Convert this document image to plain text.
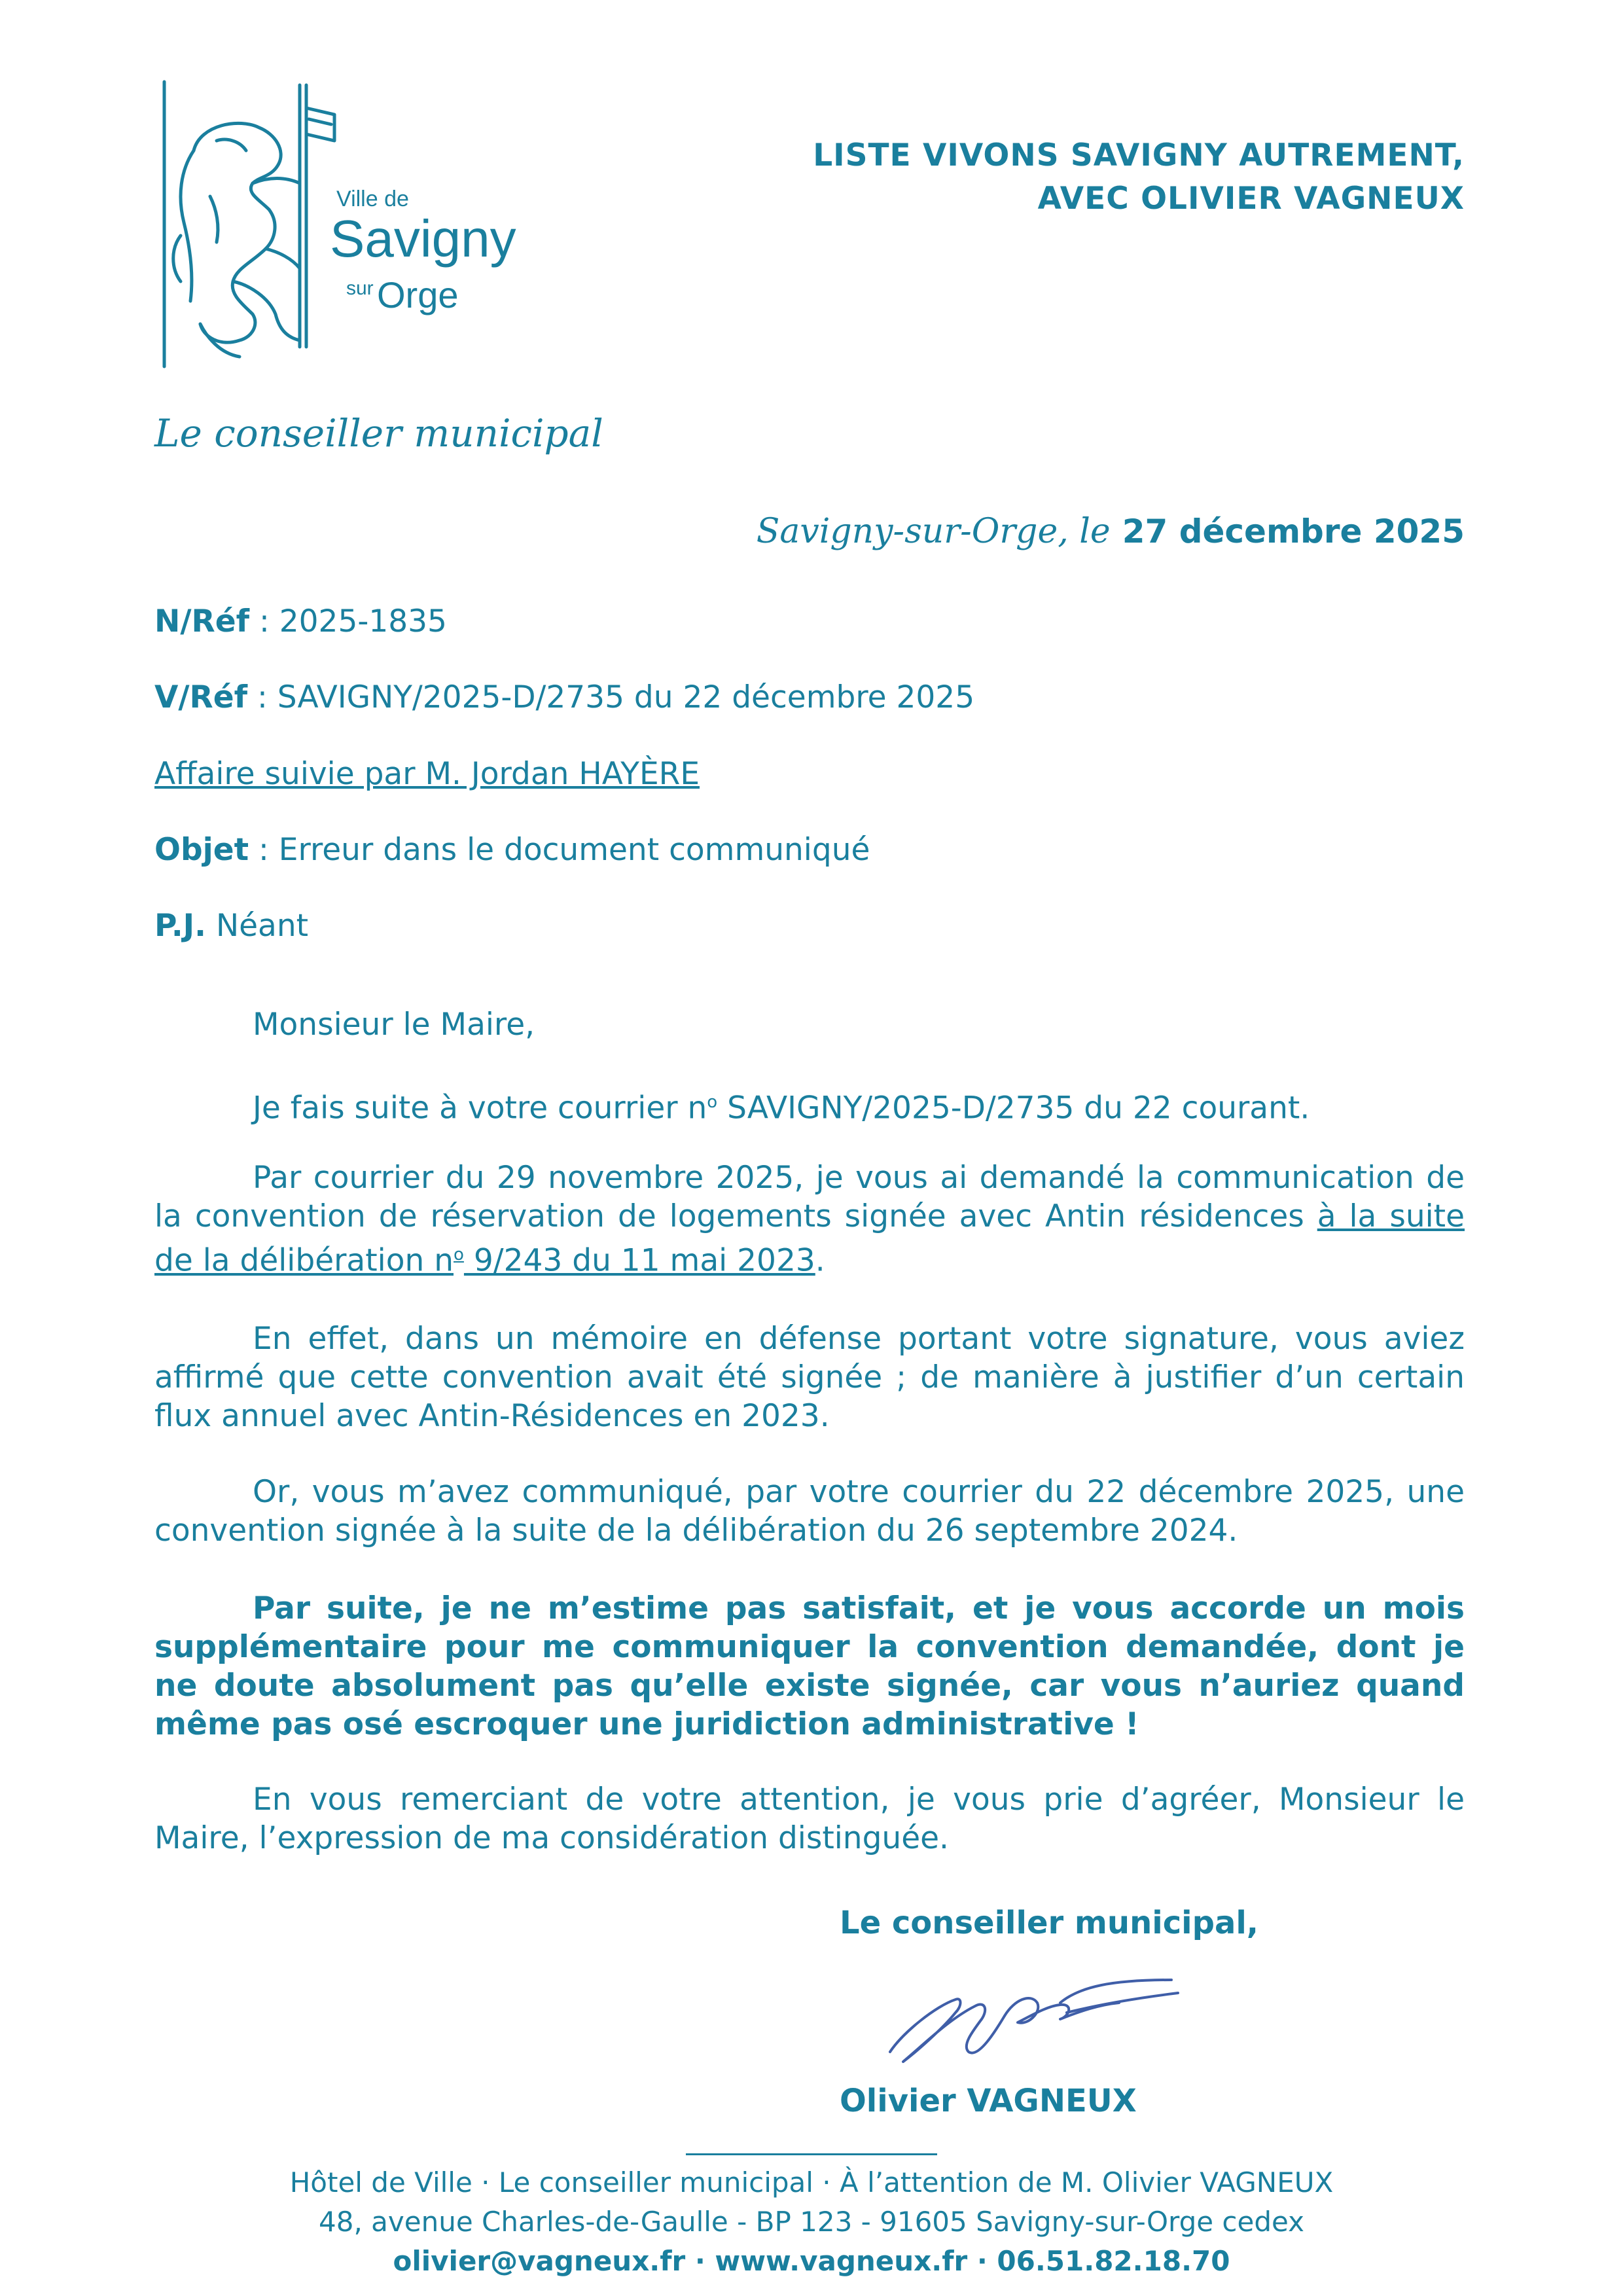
Ville de
Savigny
sur Orge
LISTE VIVONS SAVIGNY AUTREMENT,
AVEC OLIVIER VAGNEUX
Le conseiller municipal
Savigny-sur-Orge, le 27 décembre 2025
N/Réf : 2025-1835
V/Réf : SAVIGNY/2025-D/2735 du 22 décembre 2025
Affaire suivie par M. Jordan HAYÈRE
Objet : Erreur dans le document communiqué
P.J. Néant

Monsieur le Maire,

Je fais suite à votre courrier $n^o$ SAVIGNY/2025-D/2735 du 22 courant.

Par courrier du 29 novembre 2025, je vous ai demandé la communication de la convention de réservation de logements signée avec Antin résidences à la suite de la délibération $n^o$ 9/243 du 11 mai 2023.

En effet, dans un mémoire en défense portant votre signature, vous aviez affirmé que cette convention avait été signée ; de manière à justifier d’un certain flux annuel avec Antin-Résidences en 2023.

Or, vous m’avez communiqué, par votre courrier du 22 décembre 2025, une convention signée à la suite de la délibération du 26 septembre 2024.

Par suite, je ne m’estime pas satisfait, et je vous accorde un mois supplémentaire pour me communiquer la convention demandée, dont je ne doute absolument pas qu’elle existe signée, car vous n’auriez quand même pas osé escroquer une juridiction administrative !

En vous remerciant de votre attention, je vous prie d’agréer, Monsieur le Maire, l’expression de ma considération distinguée.

Le conseiller municipal,
Olivier VAGNEUX
Hôtel de Ville · Le conseiller municipal · À l’attention de M. Olivier VAGNEUX
48, avenue Charles-de-Gaulle - BP 123 - 91605 Savigny-sur-Orge cedex
olivier@vagneux.fr · www.vagneux.fr · 06.51.82.18.70
